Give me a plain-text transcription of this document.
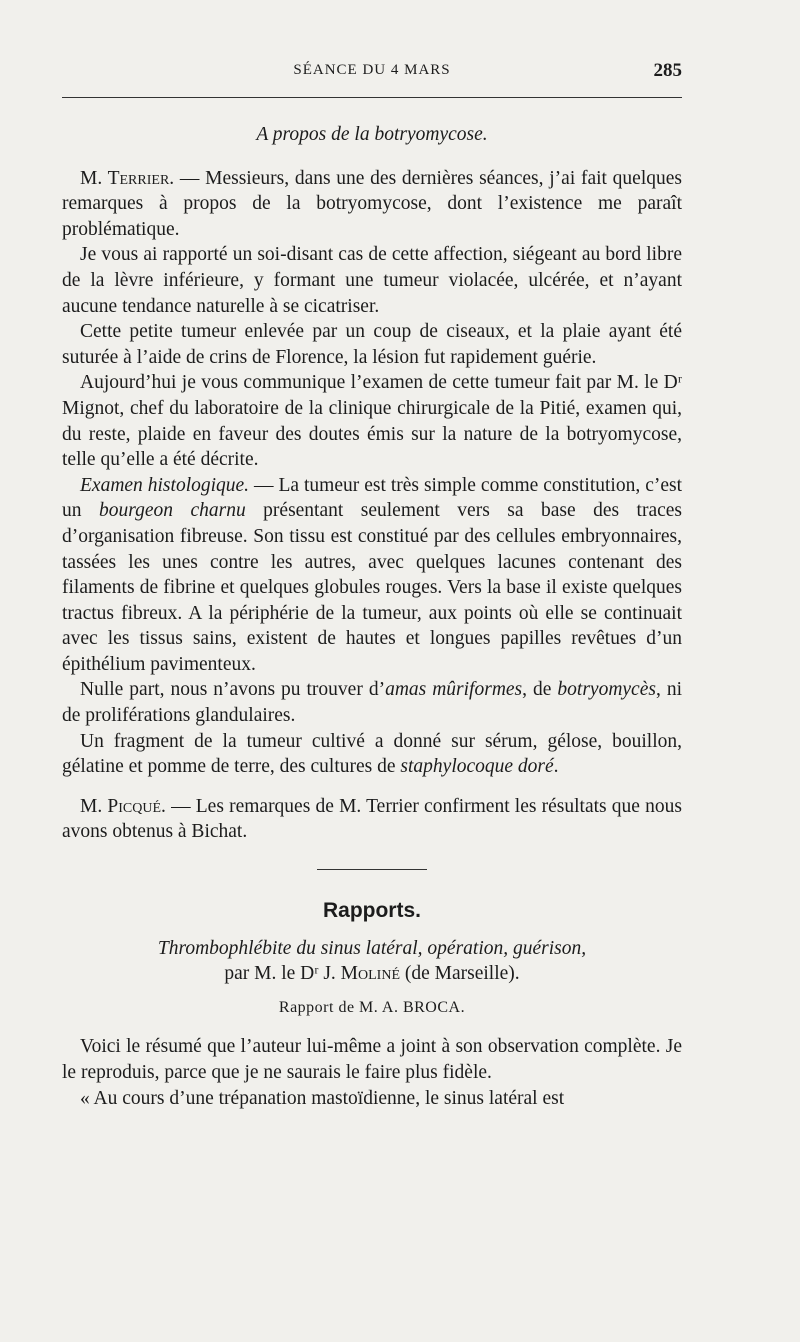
SÉANCE DU 4 MARS	285

A propos de la botryomycose.

M. Terrier. — Messieurs, dans une des dernières séances, j’ai fait quelques remarques à propos de la botryomycose, dont l’existence me paraît problématique.

Je vous ai rapporté un soi-disant cas de cette affection, siégeant au bord libre de la lèvre inférieure, y formant une tumeur violacée, ulcérée, et n’ayant aucune tendance naturelle à se cicatriser.

Cette petite tumeur enlevée par un coup de ciseaux, et la plaie ayant été suturée à l’aide de crins de Florence, la lésion fut rapidement guérie.

Aujourd’hui je vous communique l’examen de cette tumeur fait par M. le Dʳ Mignot, chef du laboratoire de la clinique chirurgicale de la Pitié, examen qui, du reste, plaide en faveur des doutes émis sur la nature de la botryomycose, telle qu’elle a été décrite.

Examen histologique. — La tumeur est très simple comme constitution, c’est un bourgeon charnu présentant seulement vers sa base des traces d’organisation fibreuse. Son tissu est constitué par des cellules embryonnaires, tassées les unes contre les autres, avec quelques lacunes contenant des filaments de fibrine et quelques globules rouges. Vers la base il existe quelques tractus fibreux. A la périphérie de la tumeur, aux points où elle se continuait avec les tissus sains, existent de hautes et longues papilles revêtues d’un épithélium pavimenteux.

Nulle part, nous n’avons pu trouver d’amas mûriformes, de botryomycès, ni de proliférations glandulaires.

Un fragment de la tumeur cultivé a donné sur sérum, gélose, bouillon, gélatine et pomme de terre, des cultures de staphylocoque doré.

M. Picqué. — Les remarques de M. Terrier confirment les résultats que nous avons obtenus à Bichat.

Rapports.

Thrombophlébite du sinus latéral, opération, guérison,

par M. le Dʳ J. Moliné (de Marseille).

Rapport de M. A. BROCA.

Voici le résumé que l’auteur lui-même a joint à son observation complète. Je le reproduis, parce que je ne saurais le faire plus fidèle.

« Au cours d’une trépanation mastoïdienne, le sinus latéral est
